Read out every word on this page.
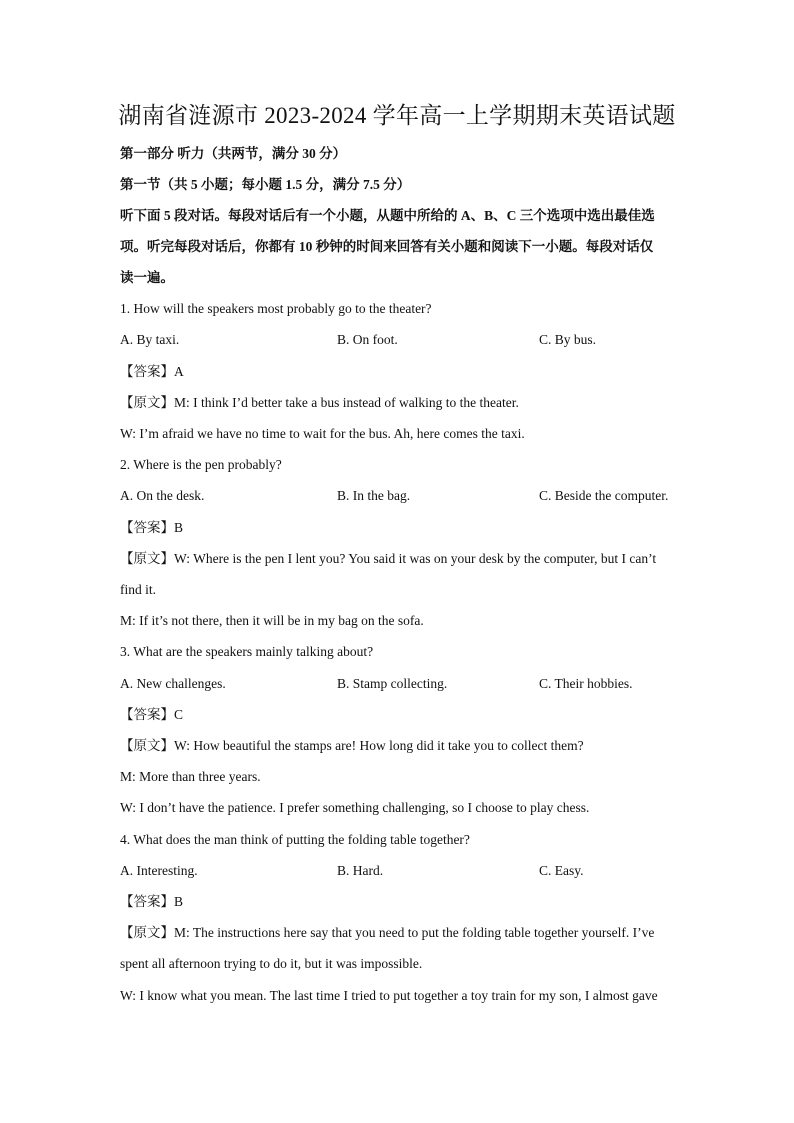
湖南省涟源市 2023-2024 学年高一上学期期末英语试题
第一部分 听力（共两节，满分 30 分）
第一节（共 5 小题；每小题 1.5 分，满分 7.5 分）
听下面 5 段对话。每段对话后有一个小题，从题中所给的 A、B、C 三个选项中选出最佳选
项。听完每段对话后，你都有 10 秒钟的时间来回答有关小题和阅读下一小题。每段对话仅
读一遍。
1. How will the speakers most probably go to the theater?
A. By taxi.	B. On foot.	C. By bus.
【答案】A
【原文】M: I think I’d better take a bus instead of walking to the theater.
W: I’m afraid we have no time to wait for the bus. Ah, here comes the taxi.
2. Where is the pen probably?
A. On the desk.	B. In the bag.	C. Beside the computer.
【答案】B
【原文】W: Where is the pen I lent you? You said it was on your desk by the computer, but I can’t
find it.
M: If it’s not there, then it will be in my bag on the sofa.
3. What are the speakers mainly talking about?
A. New challenges.	B. Stamp collecting.	C. Their hobbies.
【答案】C
【原文】W: How beautiful the stamps are! How long did it take you to collect them?
M: More than three years.
W: I don’t have the patience. I prefer something challenging, so I choose to play chess.
4. What does the man think of putting the folding table together?
A. Interesting.	B. Hard.	C. Easy.
【答案】B
【原文】M: The instructions here say that you need to put the folding table together yourself. I’ve
spent all afternoon trying to do it, but it was impossible.
W: I know what you mean. The last time I tried to put together a toy train for my son, I almost gave
